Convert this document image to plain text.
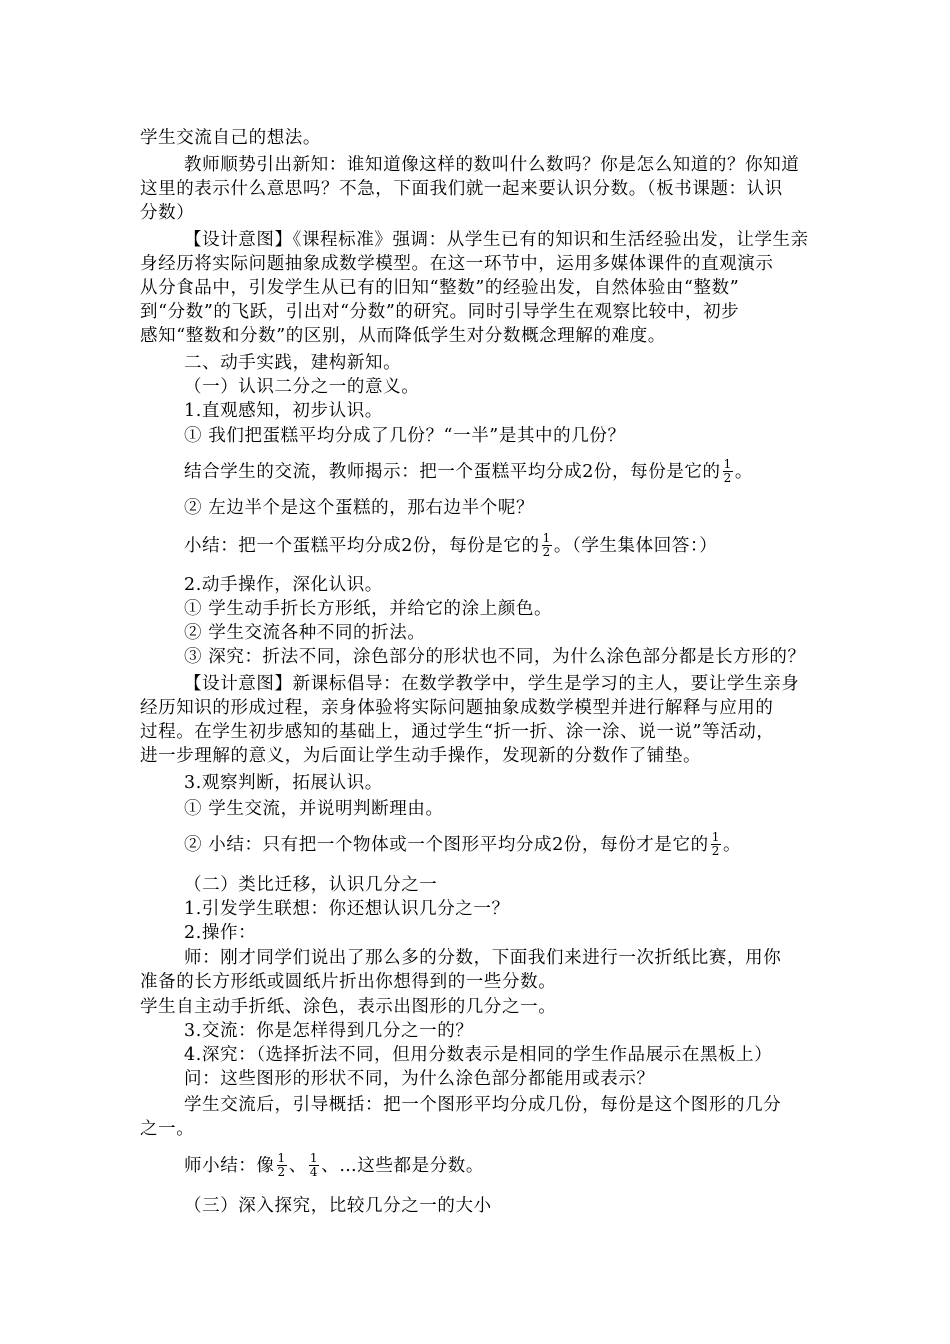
学生交流自己的想法。
教师顺势引出新知：谁知道像这样的数叫什么数吗？你是怎么知道的？你知道
这里的表示什么意思吗？不急，下面我们就一起来要认识分数。（板书课题：认识
分数）
【设计意图】《课程标准》强调：从学生已有的知识和生活经验出发，让学生亲
身经历将实际问题抽象成数学模型。在这一环节中，运用多媒体课件的直观演示
从分食品中，引发学生从已有的旧知“整数”的经验出发，自然体验由“整数”
到“分数”的飞跃，引出对“分数”的研究。同时引导学生在观察比较中，初步
感知“整数和分数”的区别，从而降低学生对分数概念理解的难度。
二、动手实践，建构新知。
（一）认识二分之一的意义。
1.直观感知，初步认识。
① 我们把蛋糕平均分成了几份？“一半”是其中的几份？
结合学生的交流，教师揭示：把一个蛋糕平均分成2份，每份是它的 $\frac{1}{2}$ 。
② 左边半个是这个蛋糕的，那右边半个呢？
小结：把一个蛋糕平均分成2份，每份是它的 $\frac{1}{2}$ 。（学生集体回答：）
2.动手操作，深化认识。
① 学生动手折长方形纸，并给它的涂上颜色。
② 学生交流各种不同的折法。
③ 深究：折法不同，涂色部分的形状也不同，为什么涂色部分都是长方形的？
【设计意图】新课标倡导：在数学教学中，学生是学习的主人，要让学生亲身
经历知识的形成过程，亲身体验将实际问题抽象成数学模型并进行解释与应用的
过程。在学生初步感知的基础上，通过学生“折一折、涂一涂、说一说”等活动，
进一步理解的意义，为后面让学生动手操作，发现新的分数作了铺垫。
3.观察判断，拓展认识。
① 学生交流，并说明判断理由。
② 小结：只有把一个物体或一个图形平均分成2份，每份才是它的 $\frac{1}{2}$ 。
（二）类比迁移，认识几分之一
1.引发学生联想：你还想认识几分之一？
2.操作：
师：刚才同学们说出了那么多的分数，下面我们来进行一次折纸比赛，用你
准备的长方形纸或圆纸片折出你想得到的一些分数。
学生自主动手折纸、涂色，表示出图形的几分之一。
3.交流：你是怎样得到几分之一的？
4.深究：（选择折法不同，但用分数表示是相同的学生作品展示在黑板上）
问：这些图形的形状不同，为什么涂色部分都能用或表示？
学生交流后，引导概括：把一个图形平均分成几份，每份是这个图形的几分
之一。
师小结：像 $\frac{1}{2}$ 、 $\frac{1}{4}$ 、…这些都是分数。
（三）深入探究，比较几分之一的大小
